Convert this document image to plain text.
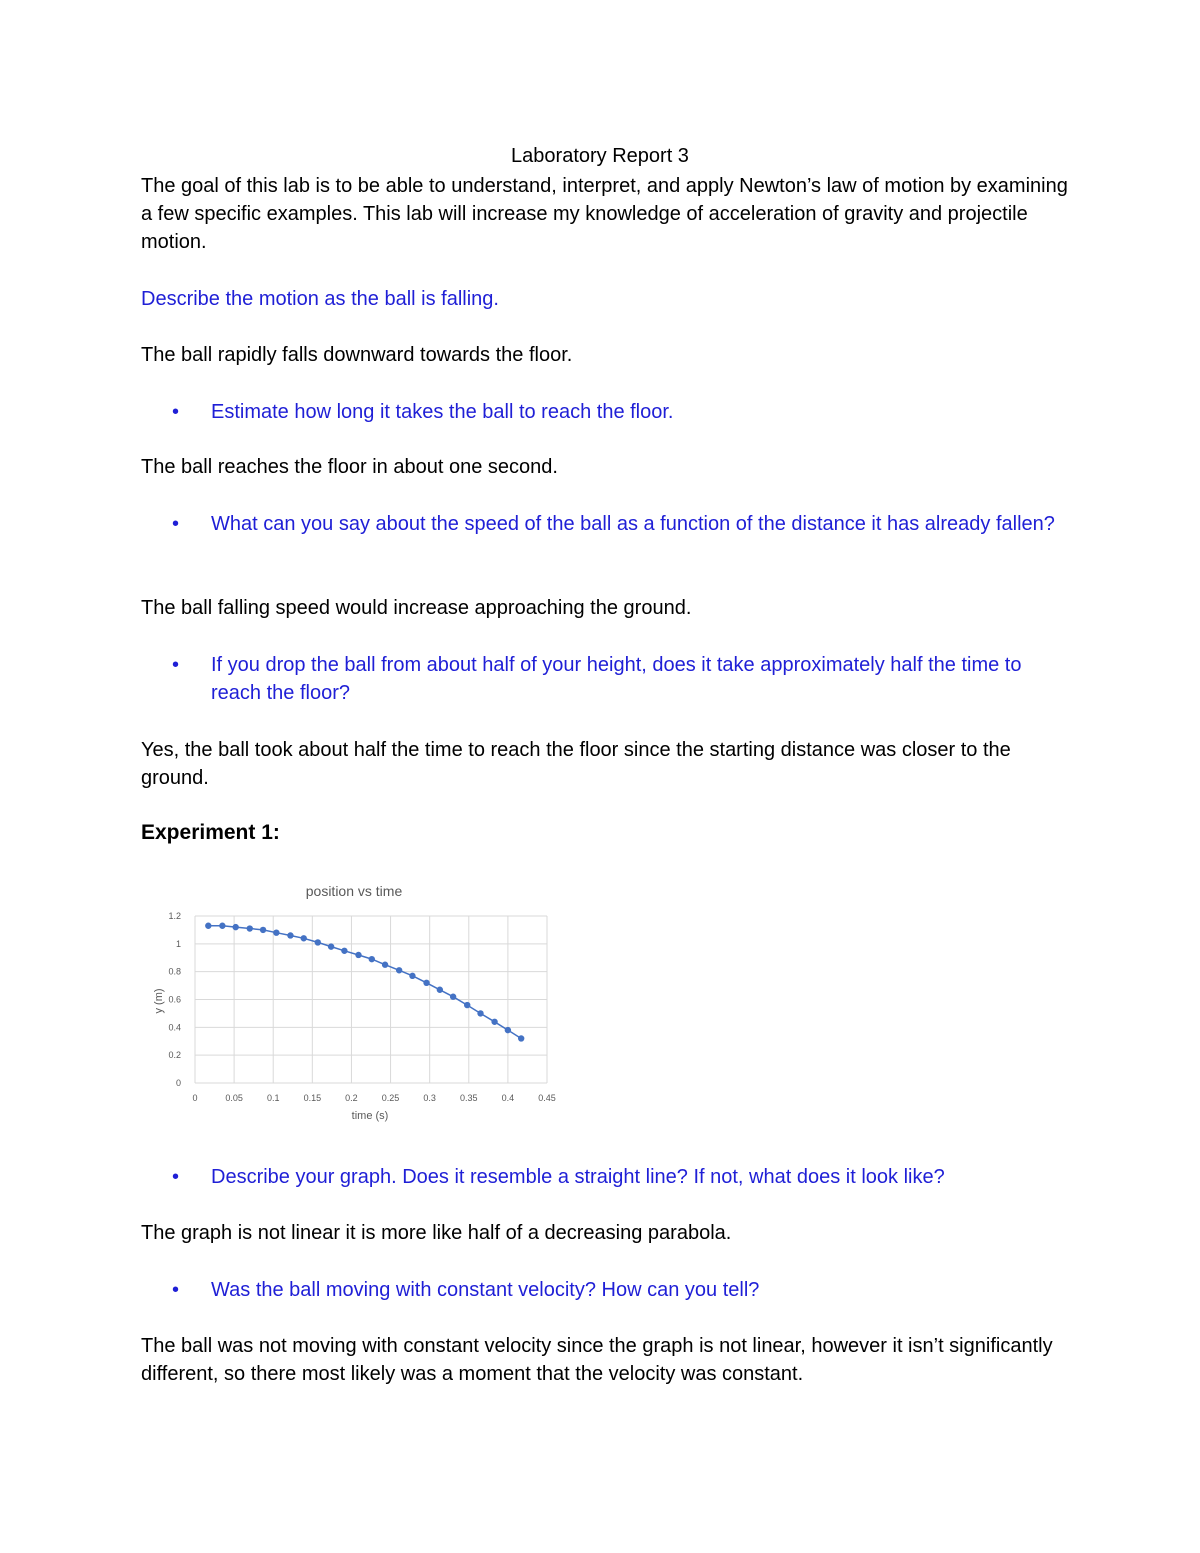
Laboratory Report 3
The goal of this lab is to be able to understand, interpret, and apply Newton’s law of motion by examining a few specific examples. This lab will increase my knowledge of acceleration of gravity and projectile motion.
Describe the motion as the ball is falling.
The ball rapidly falls downward towards the floor.
• Estimate how long it takes the ball to reach the floor.
The ball reaches the floor in about one second.
• What can you say about the speed of the ball as a function of the distance it has already fallen?
The ball falling speed would increase approaching the ground.
• If you drop the ball from about half of your height, does it take approximately half the time to reach the floor?
Yes, the ball took about half the time to reach the floor since the starting distance was closer to the ground.
Experiment 1:
position vs time
0
0.2
0.4
0.6
0.8
1
1.2
0	0.05	0.1	0.15	0.2	0.25	0.3	0.35	0.4	0.45
time (s)
y (m)
• Describe your graph. Does it resemble a straight line? If not, what does it look like?
The graph is not linear it is more like half of a decreasing parabola.
• Was the ball moving with constant velocity? How can you tell?
The ball was not moving with constant velocity since the graph is not linear, however it isn’t significantly different, so there most likely was a moment that the velocity was constant.
